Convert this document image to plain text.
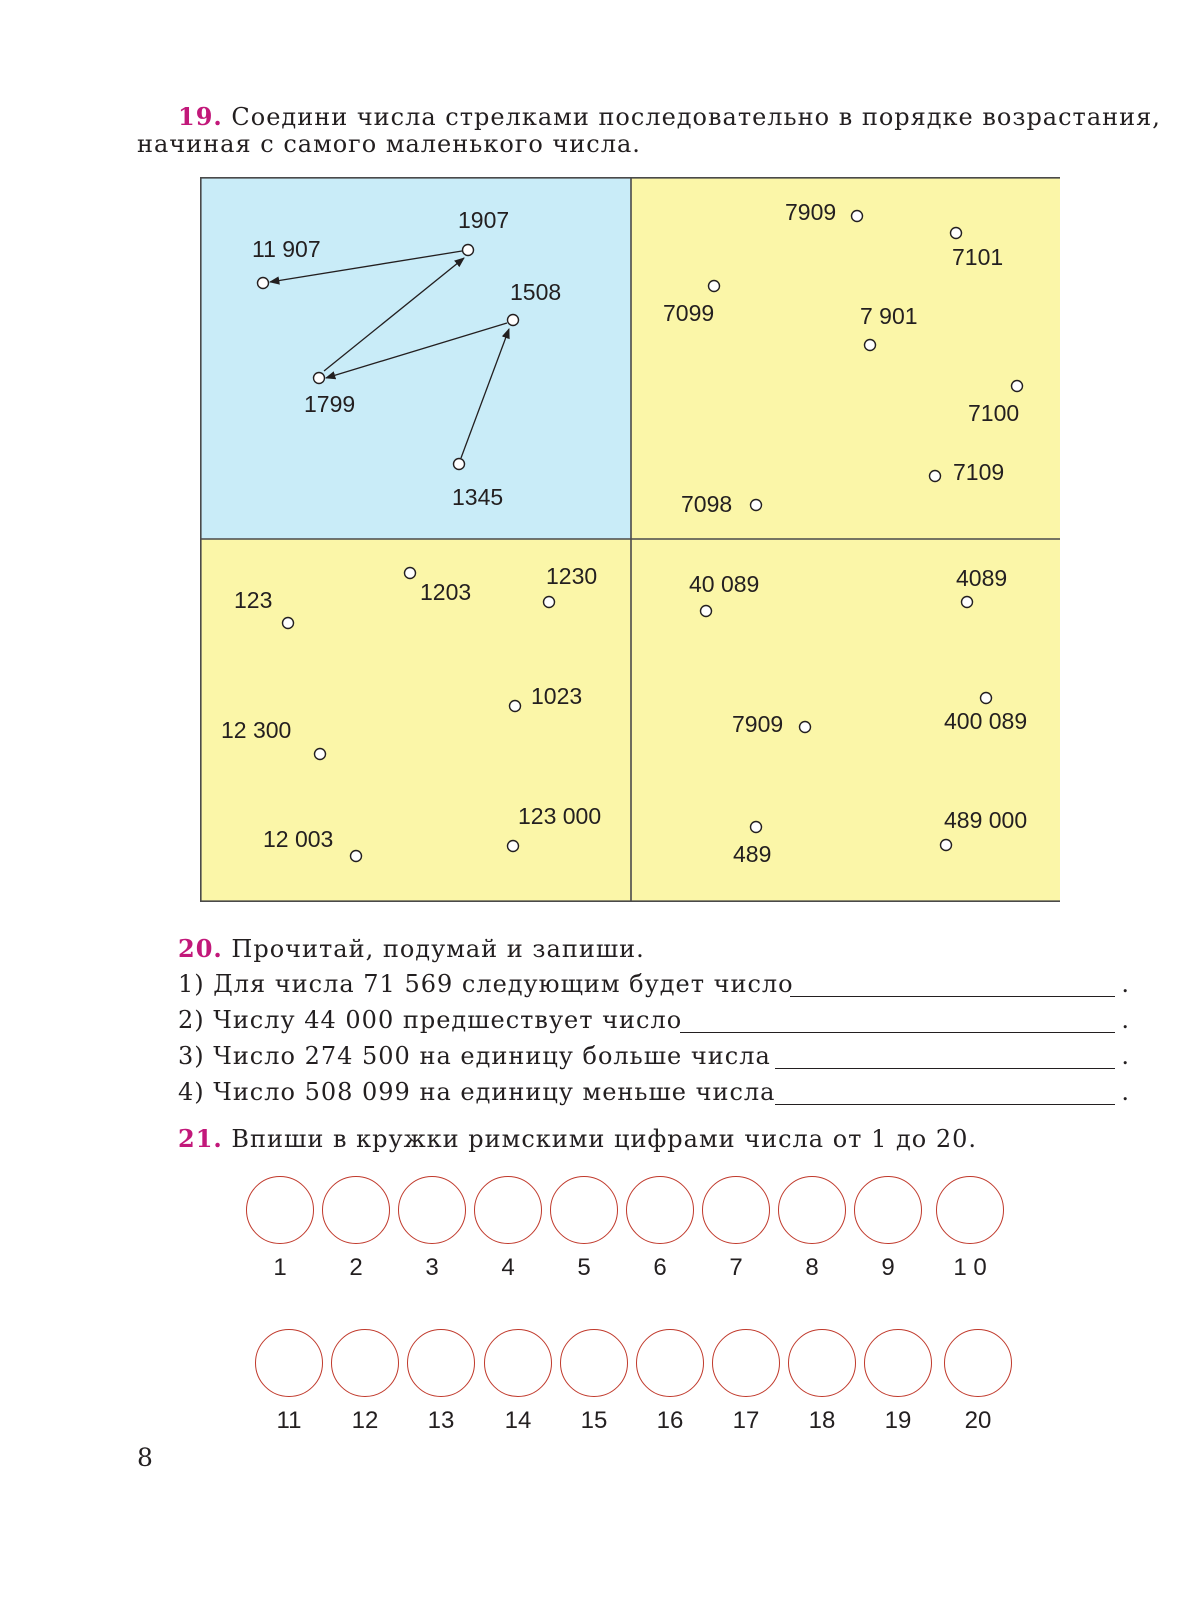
19. Соедини числа стрелками последовательно в порядке возрастания,
начиная с самого маленького числа.
11 907
1907
1508
1799
1345
7909
7101
7099	7 901
7100
7109
7098
123	1203
1230
1023
12 300
12 003
123 000
40 089	4089
7909	400 089
489
489 000
20. Прочитай, подумай и запиши.
1) Для числа 71 569 следующим будет число	.
2) Числу 44 000 предшествует число	.
3) Число 274 500 на единицу больше числа	.
4) Число 508 099 на единицу меньше числа	.
21. Впиши в кружки римскими цифрами числа от 1 до 20.
1	2	3	4	5	6	7	8	9	1 0
11	12	13	14	15	16	17	18	19	20
8
